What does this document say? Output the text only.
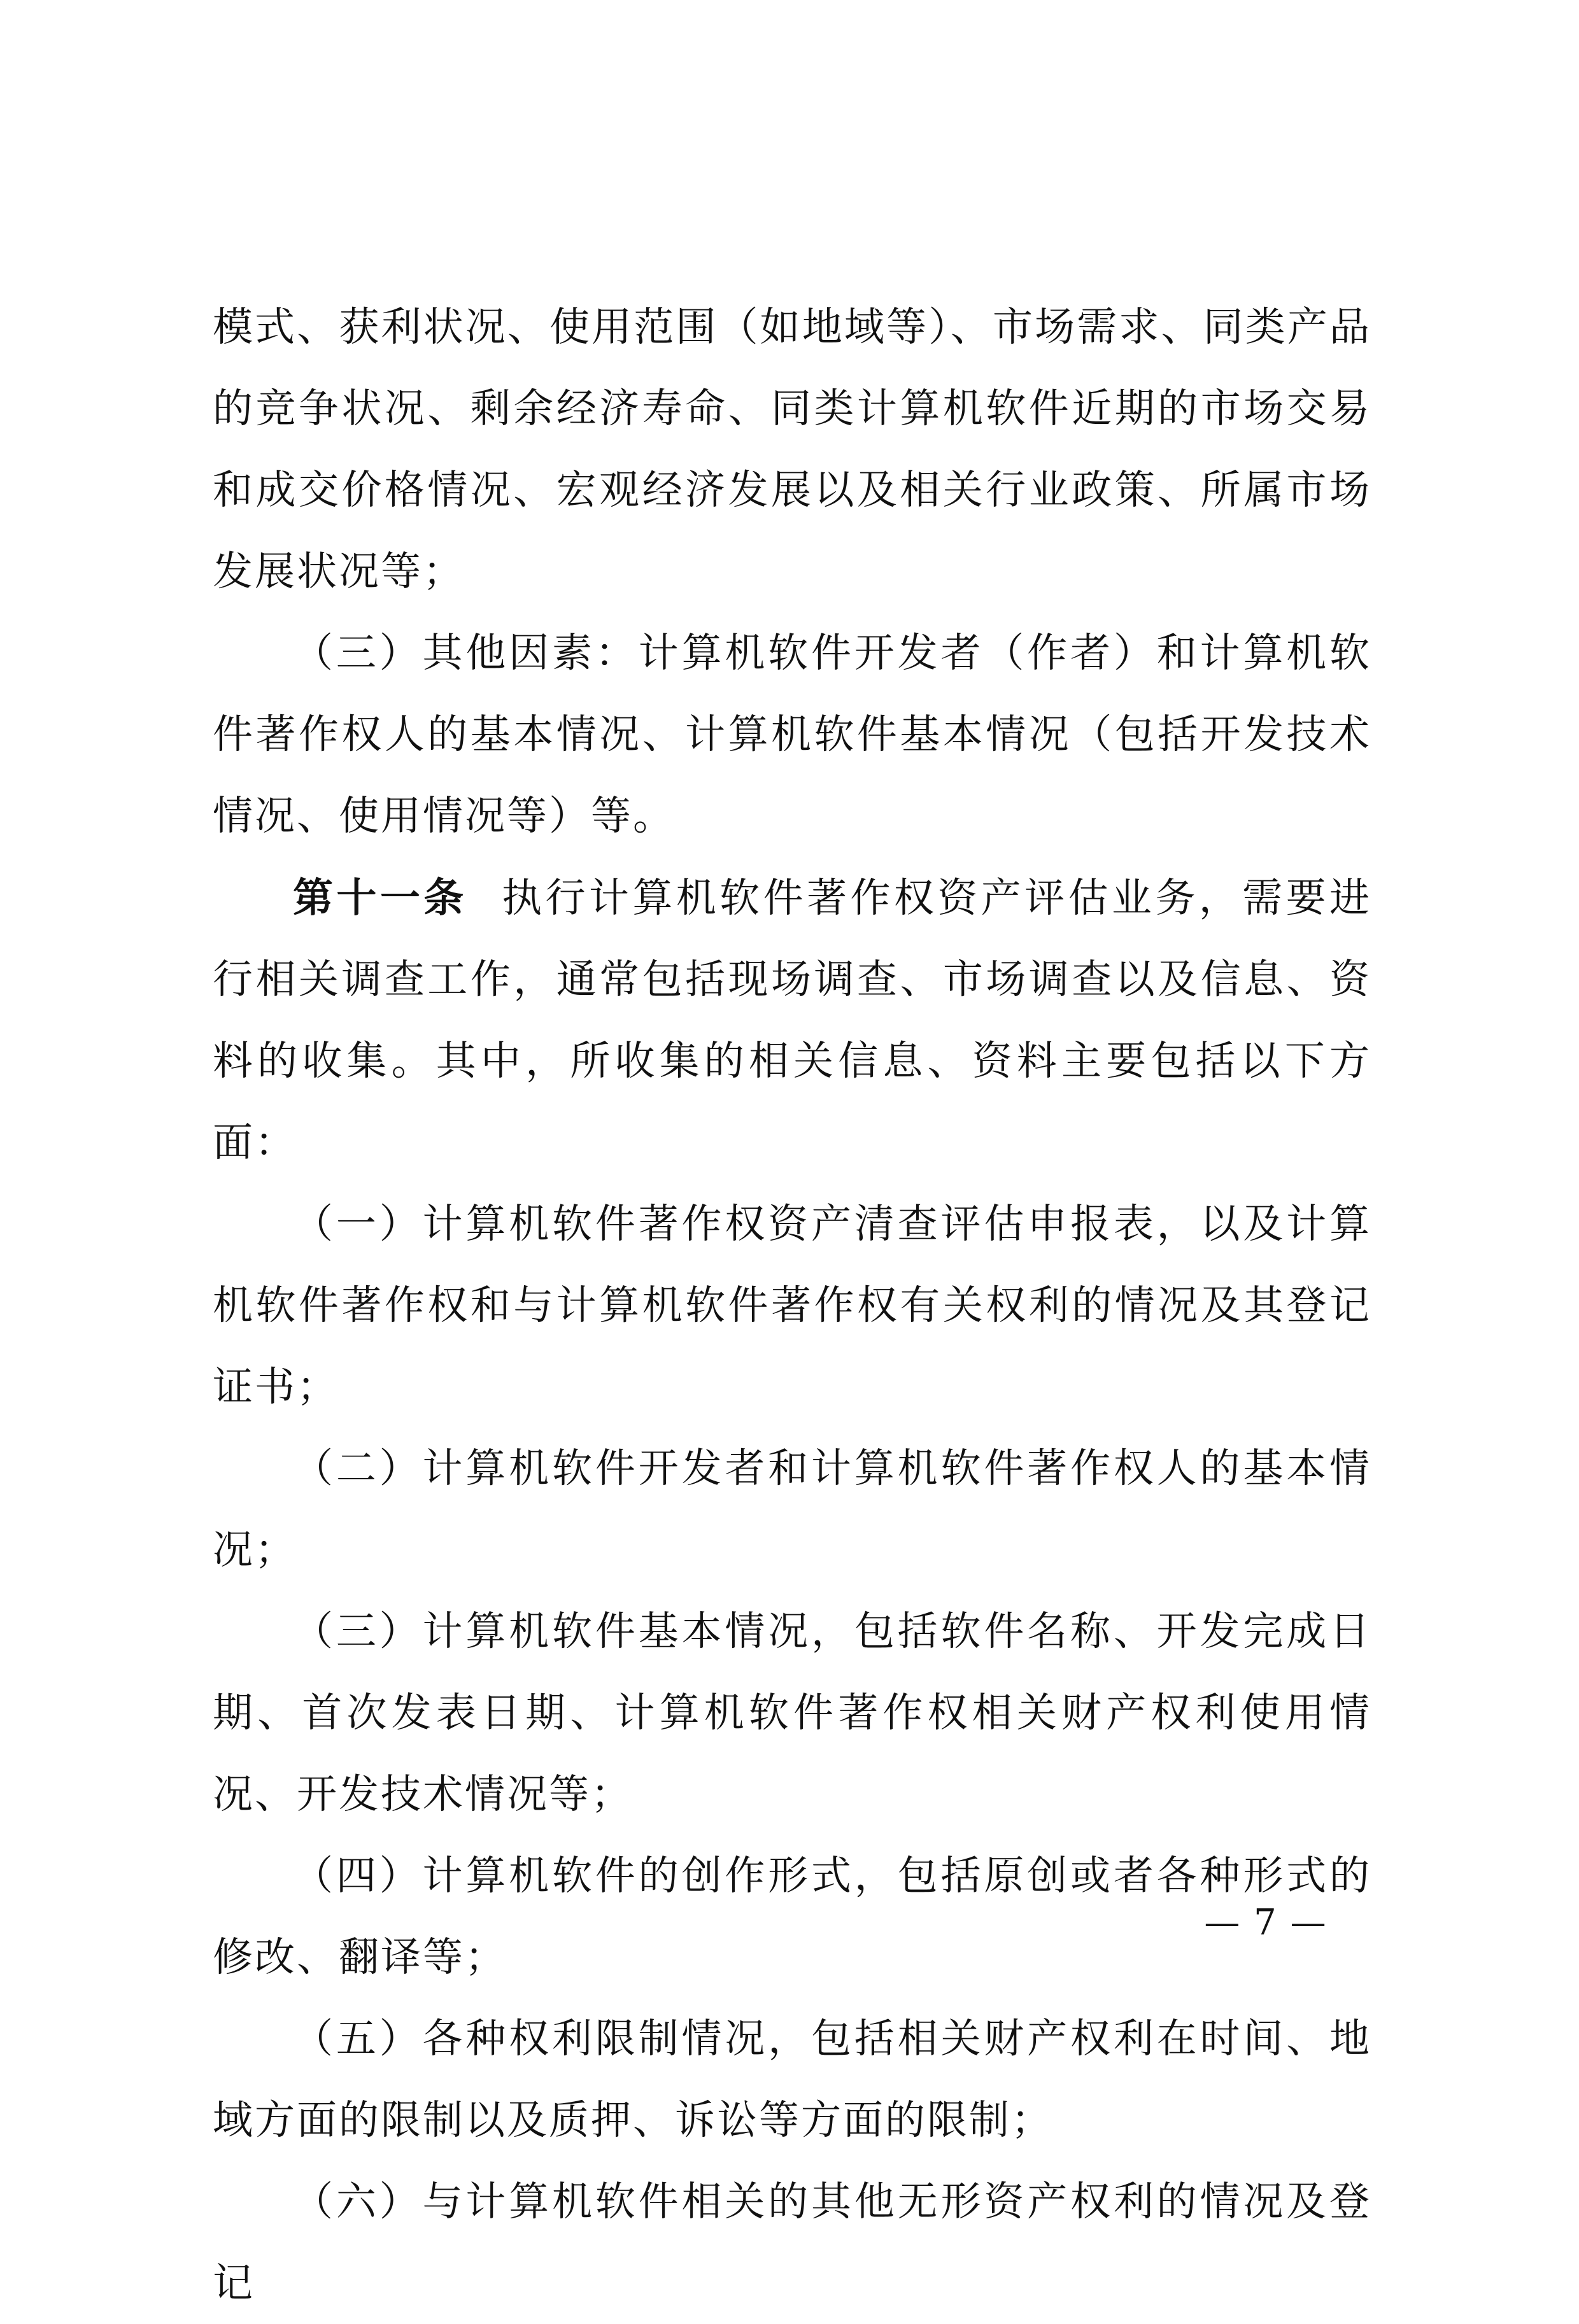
模式、获利状况、使用范围（如地域等）、市场需求、同类产品的竞争状况、剩余经济寿命、同类计算机软件近期的市场交易和成交价格情况、宏观经济发展以及相关行业政策、所属市场发展状况等；

（三）其他因素：计算机软件开发者（作者）和计算机软件著作权人的基本情况、计算机软件基本情况（包括开发技术情况、使用情况等）等。

第十一条 执行计算机软件著作权资产评估业务，需要进行相关调查工作，通常包括现场调查、市场调查以及信息、资料的收集。其中，所收集的相关信息、资料主要包括以下方面：

（一）计算机软件著作权资产清查评估申报表，以及计算机软件著作权和与计算机软件著作权有关权利的情况及其登记证书；

（二）计算机软件开发者和计算机软件著作权人的基本情况；

（三）计算机软件基本情况，包括软件名称、开发完成日期、首次发表日期、计算机软件著作权相关财产权利使用情况、开发技术情况等；

（四）计算机软件的创作形式，包括原创或者各种形式的修改、翻译等；

（五）各种权利限制情况，包括相关财产权利在时间、地域方面的限制以及质押、诉讼等方面的限制；

（六）与计算机软件相关的其他无形资产权利的情况及登记

— 7 —
